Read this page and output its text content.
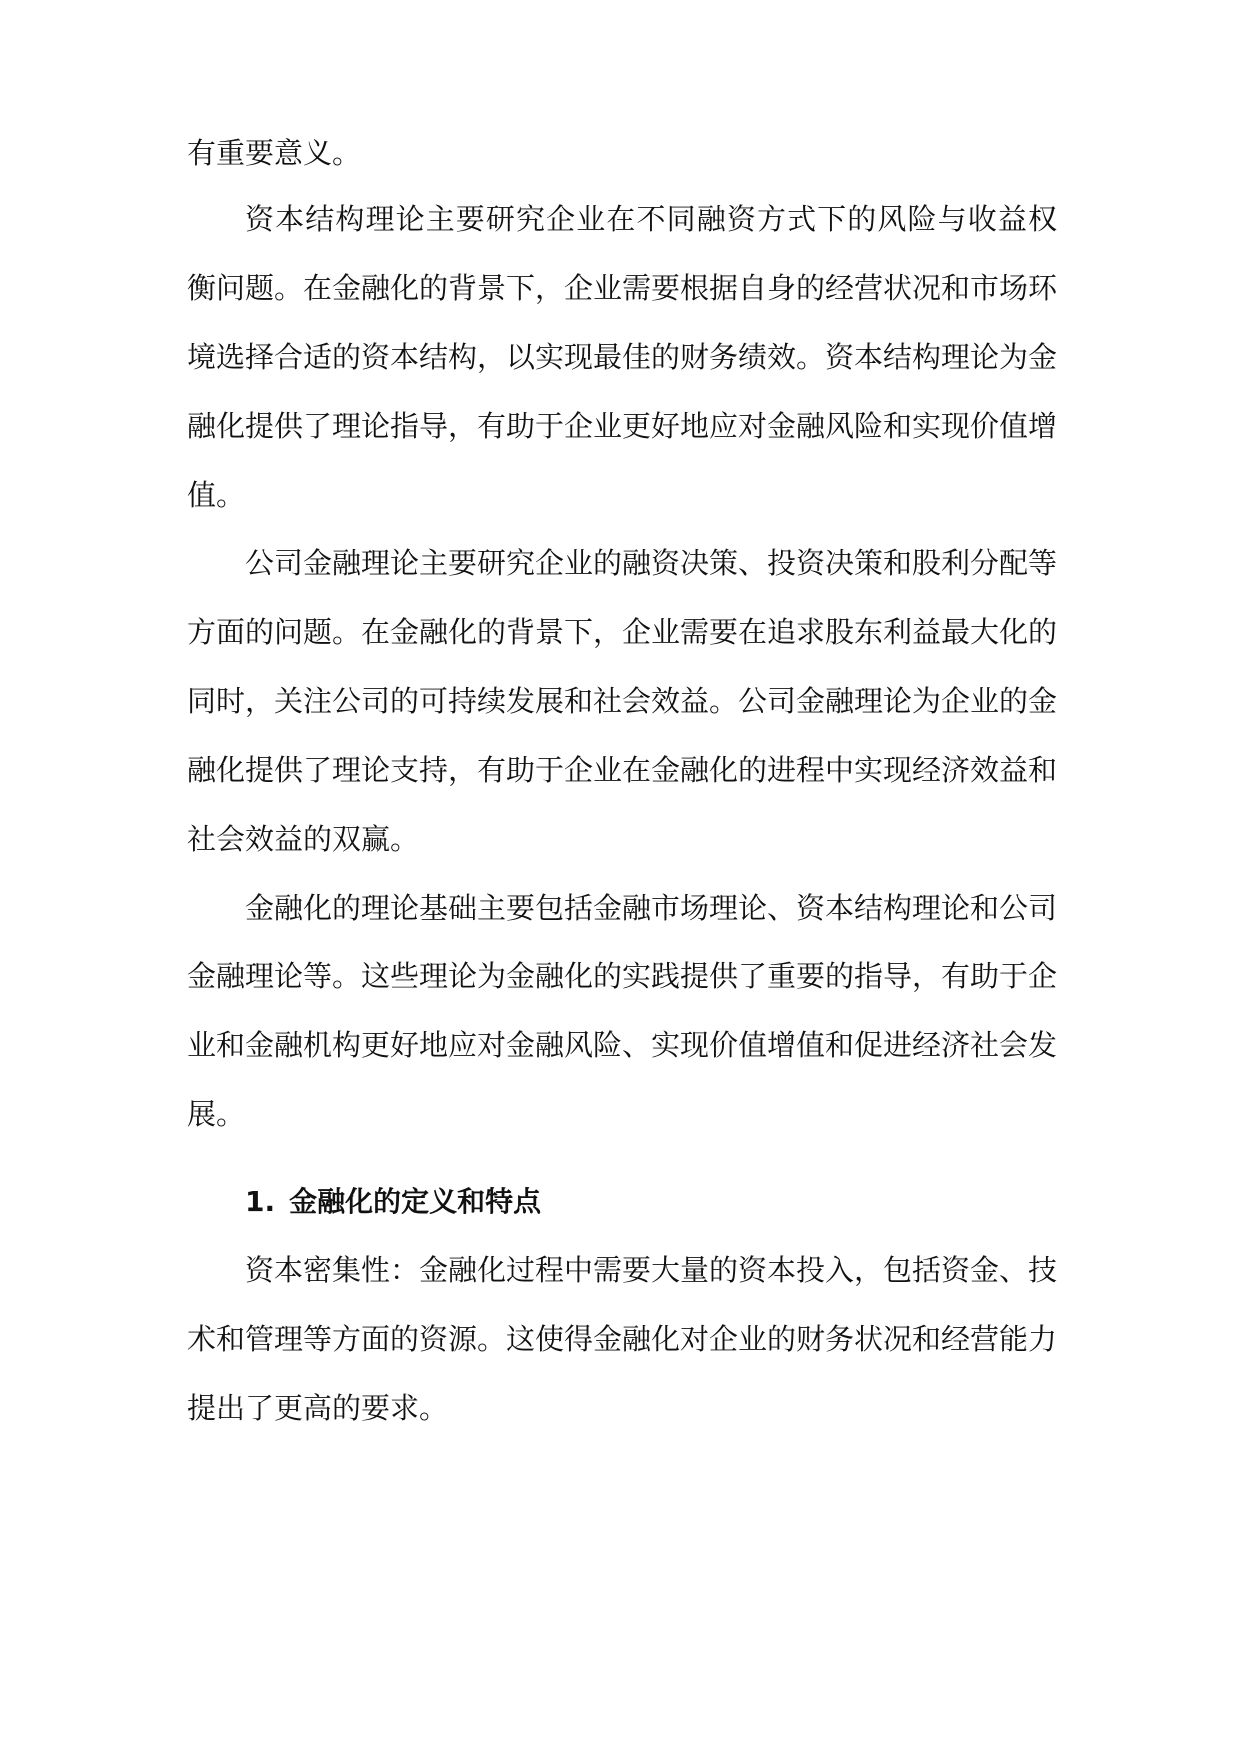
有重要意义。
资本结构理论主要研究企业在不同融资方式下的风险与收益权
衡问题。在金融化的背景下，企业需要根据自身的经营状况和市场环
境选择合适的资本结构，以实现最佳的财务绩效。资本结构理论为金
融化提供了理论指导，有助于企业更好地应对金融风险和实现价值增
值。
公司金融理论主要研究企业的融资决策、投资决策和股利分配等
方面的问题。在金融化的背景下，企业需要在追求股东利益最大化的
同时，关注公司的可持续发展和社会效益。公司金融理论为企业的金
融化提供了理论支持，有助于企业在金融化的进程中实现经济效益和
社会效益的双赢。
金融化的理论基础主要包括金融市场理论、资本结构理论和公司
金融理论等。这些理论为金融化的实践提供了重要的指导，有助于企
业和金融机构更好地应对金融风险、实现价值增值和促进经济社会发
展。
1. 金融化的定义和特点
资本密集性：金融化过程中需要大量的资本投入，包括资金、技
术和管理等方面的资源。这使得金融化对企业的财务状况和经营能力
提出了更高的要求。
